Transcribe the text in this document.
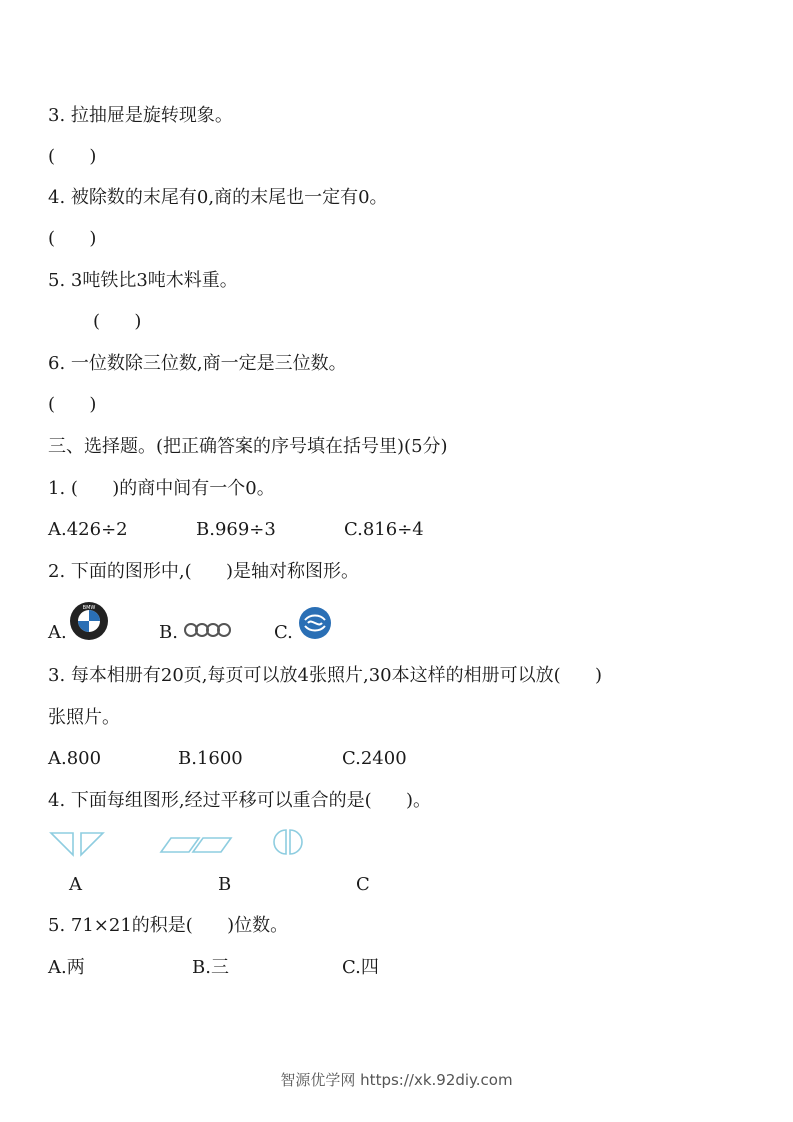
3. 拉抽屉是旋转现象。
(      )
4. 被除数的末尾有0,商的末尾也一定有0。
(      )
5. 3吨铁比3吨木料重。
(      )
6. 一位数除三位数,商一定是三位数。
(      )
三、选择题。(把正确答案的序号填在括号里)(5分)
1. (      )的商中间有一个0。
A.426÷2	B.969÷3	C.816÷4
2. 下面的图形中,(      )是轴对称图形。
A.
BMW
B.	C.
3. 每本相册有20页,每页可以放4张照片,30本这样的相册可以放(      )
张照片。
A.800	B.1600	C.2400
4. 下面每组图形,经过平移可以重合的是(      )。
A	B	C
5. 71×21的积是(      )位数。
A.两	B.三	C.四
智源优学网 https://xk.92diy.com
